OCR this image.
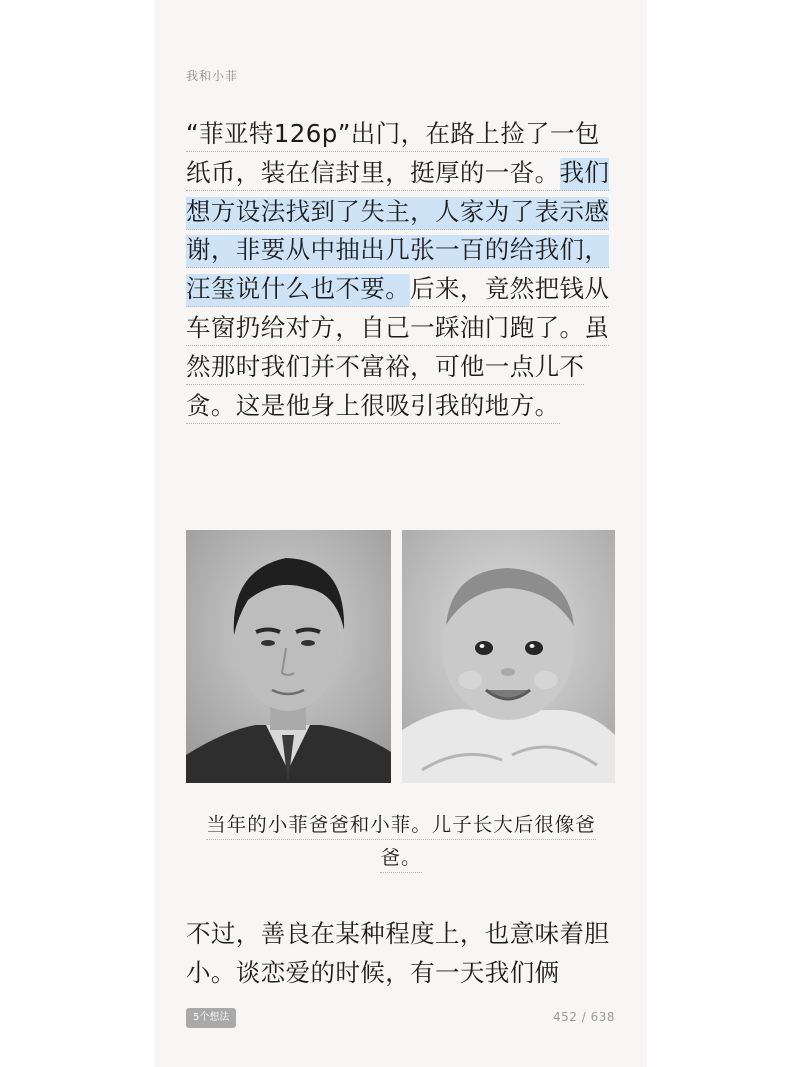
我和小菲
“菲亚特126p”出门，在路上捡了一包纸币，装在信封里，挺厚的一沓。我们想方设法找到了失主，人家为了表示感谢，非要从中抽出几张一百的给我们，汪玺说什么也不要。后来，竟然把钱从车窗扔给对方，自己一踩油门跑了。虽然那时我们并不富裕，可他一点儿不贪。这是他身上很吸引我的地方。
当年的小菲爸爸和小菲。儿子长大后很像爸爸。
不过，善良在某种程度上，也意味着胆小。谈恋爱的时候，有一天我们俩
5个想法	452 / 638
